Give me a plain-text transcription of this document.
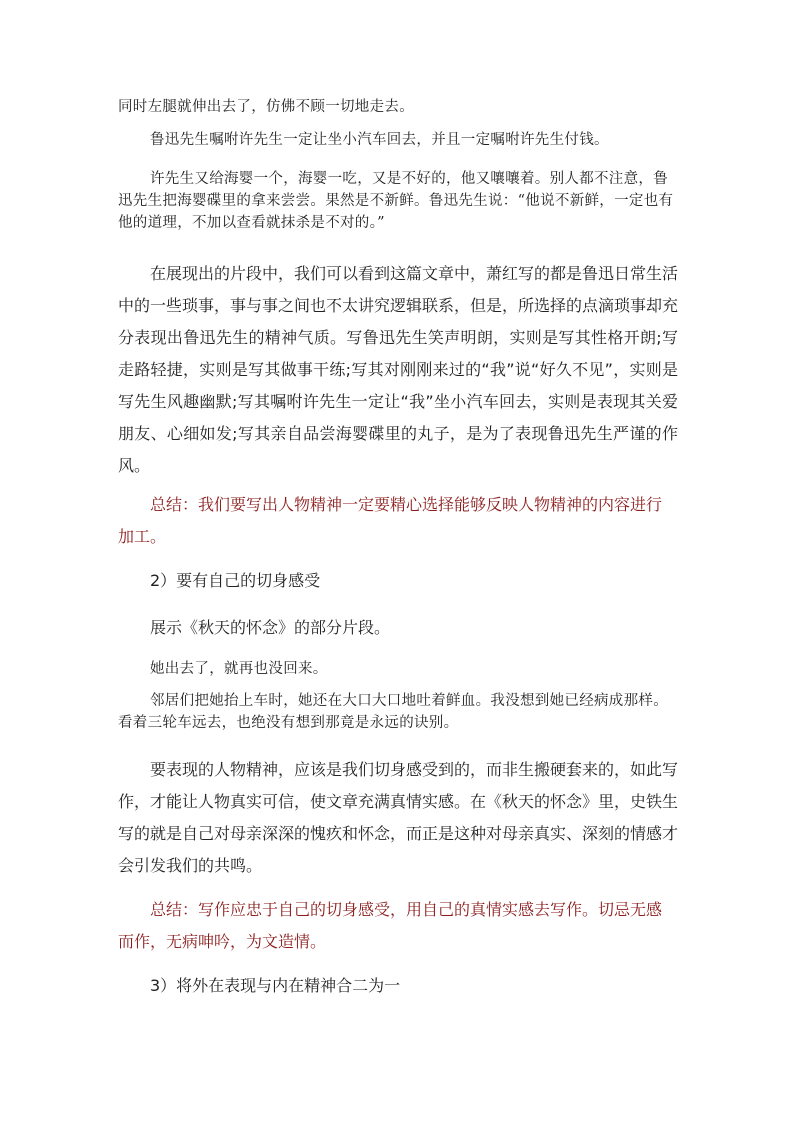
同时左腿就伸出去了，仿佛不顾一切地走去。

鲁迅先生嘱咐许先生一定让坐小汽车回去，并且一定嘱咐许先生付钱。

许先生又给海婴一个，海婴一吃，又是不好的，他又嚷嚷着。别人都不注意，鲁迅先生把海婴碟里的拿来尝尝。果然是不新鲜。鲁迅先生说：“他说不新鲜，一定也有他的道理，不加以查看就抹杀是不对的。”

在展现出的片段中，我们可以看到这篇文章中，萧红写的都是鲁迅日常生活中的一些琐事，事与事之间也不太讲究逻辑联系，但是，所选择的点滴琐事却充分表现出鲁迅先生的精神气质。写鲁迅先生笑声明朗，实则是写其性格开朗;写走路轻捷，实则是写其做事干练;写其对刚刚来过的“我”说“好久不见”，实则是写先生风趣幽默;写其嘱咐许先生一定让“我”坐小汽车回去，实则是表现其关爱朋友、心细如发;写其亲自品尝海婴碟里的丸子，是为了表现鲁迅先生严谨的作风。

总结：我们要写出人物精神一定要精心选择能够反映人物精神的内容进行加工。

2）要有自己的切身感受

展示《秋天的怀念》的部分片段。

她出去了，就再也没回来。

邻居们把她抬上车时，她还在大口大口地吐着鲜血。我没想到她已经病成那样。看着三轮车远去，也绝没有想到那竟是永远的诀别。

要表现的人物精神，应该是我们切身感受到的，而非生搬硬套来的，如此写作，才能让人物真实可信，使文章充满真情实感。在《秋天的怀念》里，史铁生写的就是自己对母亲深深的愧疚和怀念，而正是这种对母亲真实、深刻的情感才会引发我们的共鸣。

总结：写作应忠于自己的切身感受，用自己的真情实感去写作。切忌无感而作，无病呻吟，为文造情。

3）将外在表现与内在精神合二为一
